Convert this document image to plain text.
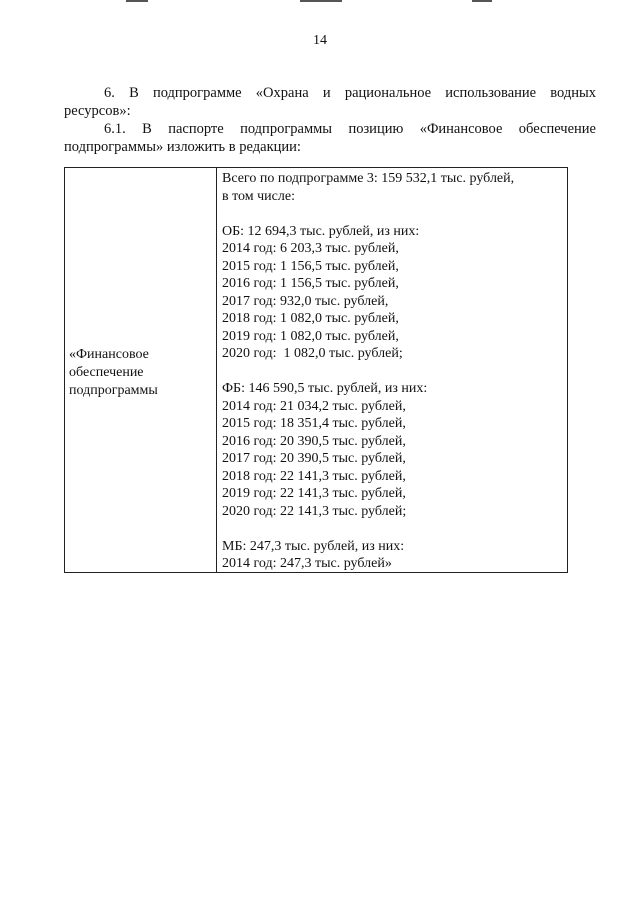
14
6. В подпрограмме «Охрана и рациональное использование водных
ресурсов»:
6.1. В паспорте подпрограммы позицию «Финансовое обеспечение
подпрограммы» изложить в редакции:
«Финансовое
обеспечение
подпрограммы
Всего по подпрограмме 3: 159 532,1 тыс. рублей,
в том числе:
ОБ: 12 694,3 тыс. рублей, из них:
2014 год: 6 203,3 тыс. рублей,
2015 год: 1 156,5 тыс. рублей,
2016 год: 1 156,5 тыс. рублей,
2017 год: 932,0 тыс. рублей,
2018 год: 1 082,0 тыс. рублей,
2019 год: 1 082,0 тыс. рублей,
2020 год:  1 082,0 тыс. рублей;
ФБ: 146 590,5 тыс. рублей, из них:
2014 год: 21 034,2 тыс. рублей,
2015 год: 18 351,4 тыс. рублей,
2016 год: 20 390,5 тыс. рублей,
2017 год: 20 390,5 тыс. рублей,
2018 год: 22 141,3 тыс. рублей,
2019 год: 22 141,3 тыс. рублей,
2020 год: 22 141,3 тыс. рублей;
МБ: 247,3 тыс. рублей, из них:
2014 год: 247,3 тыс. рублей»
